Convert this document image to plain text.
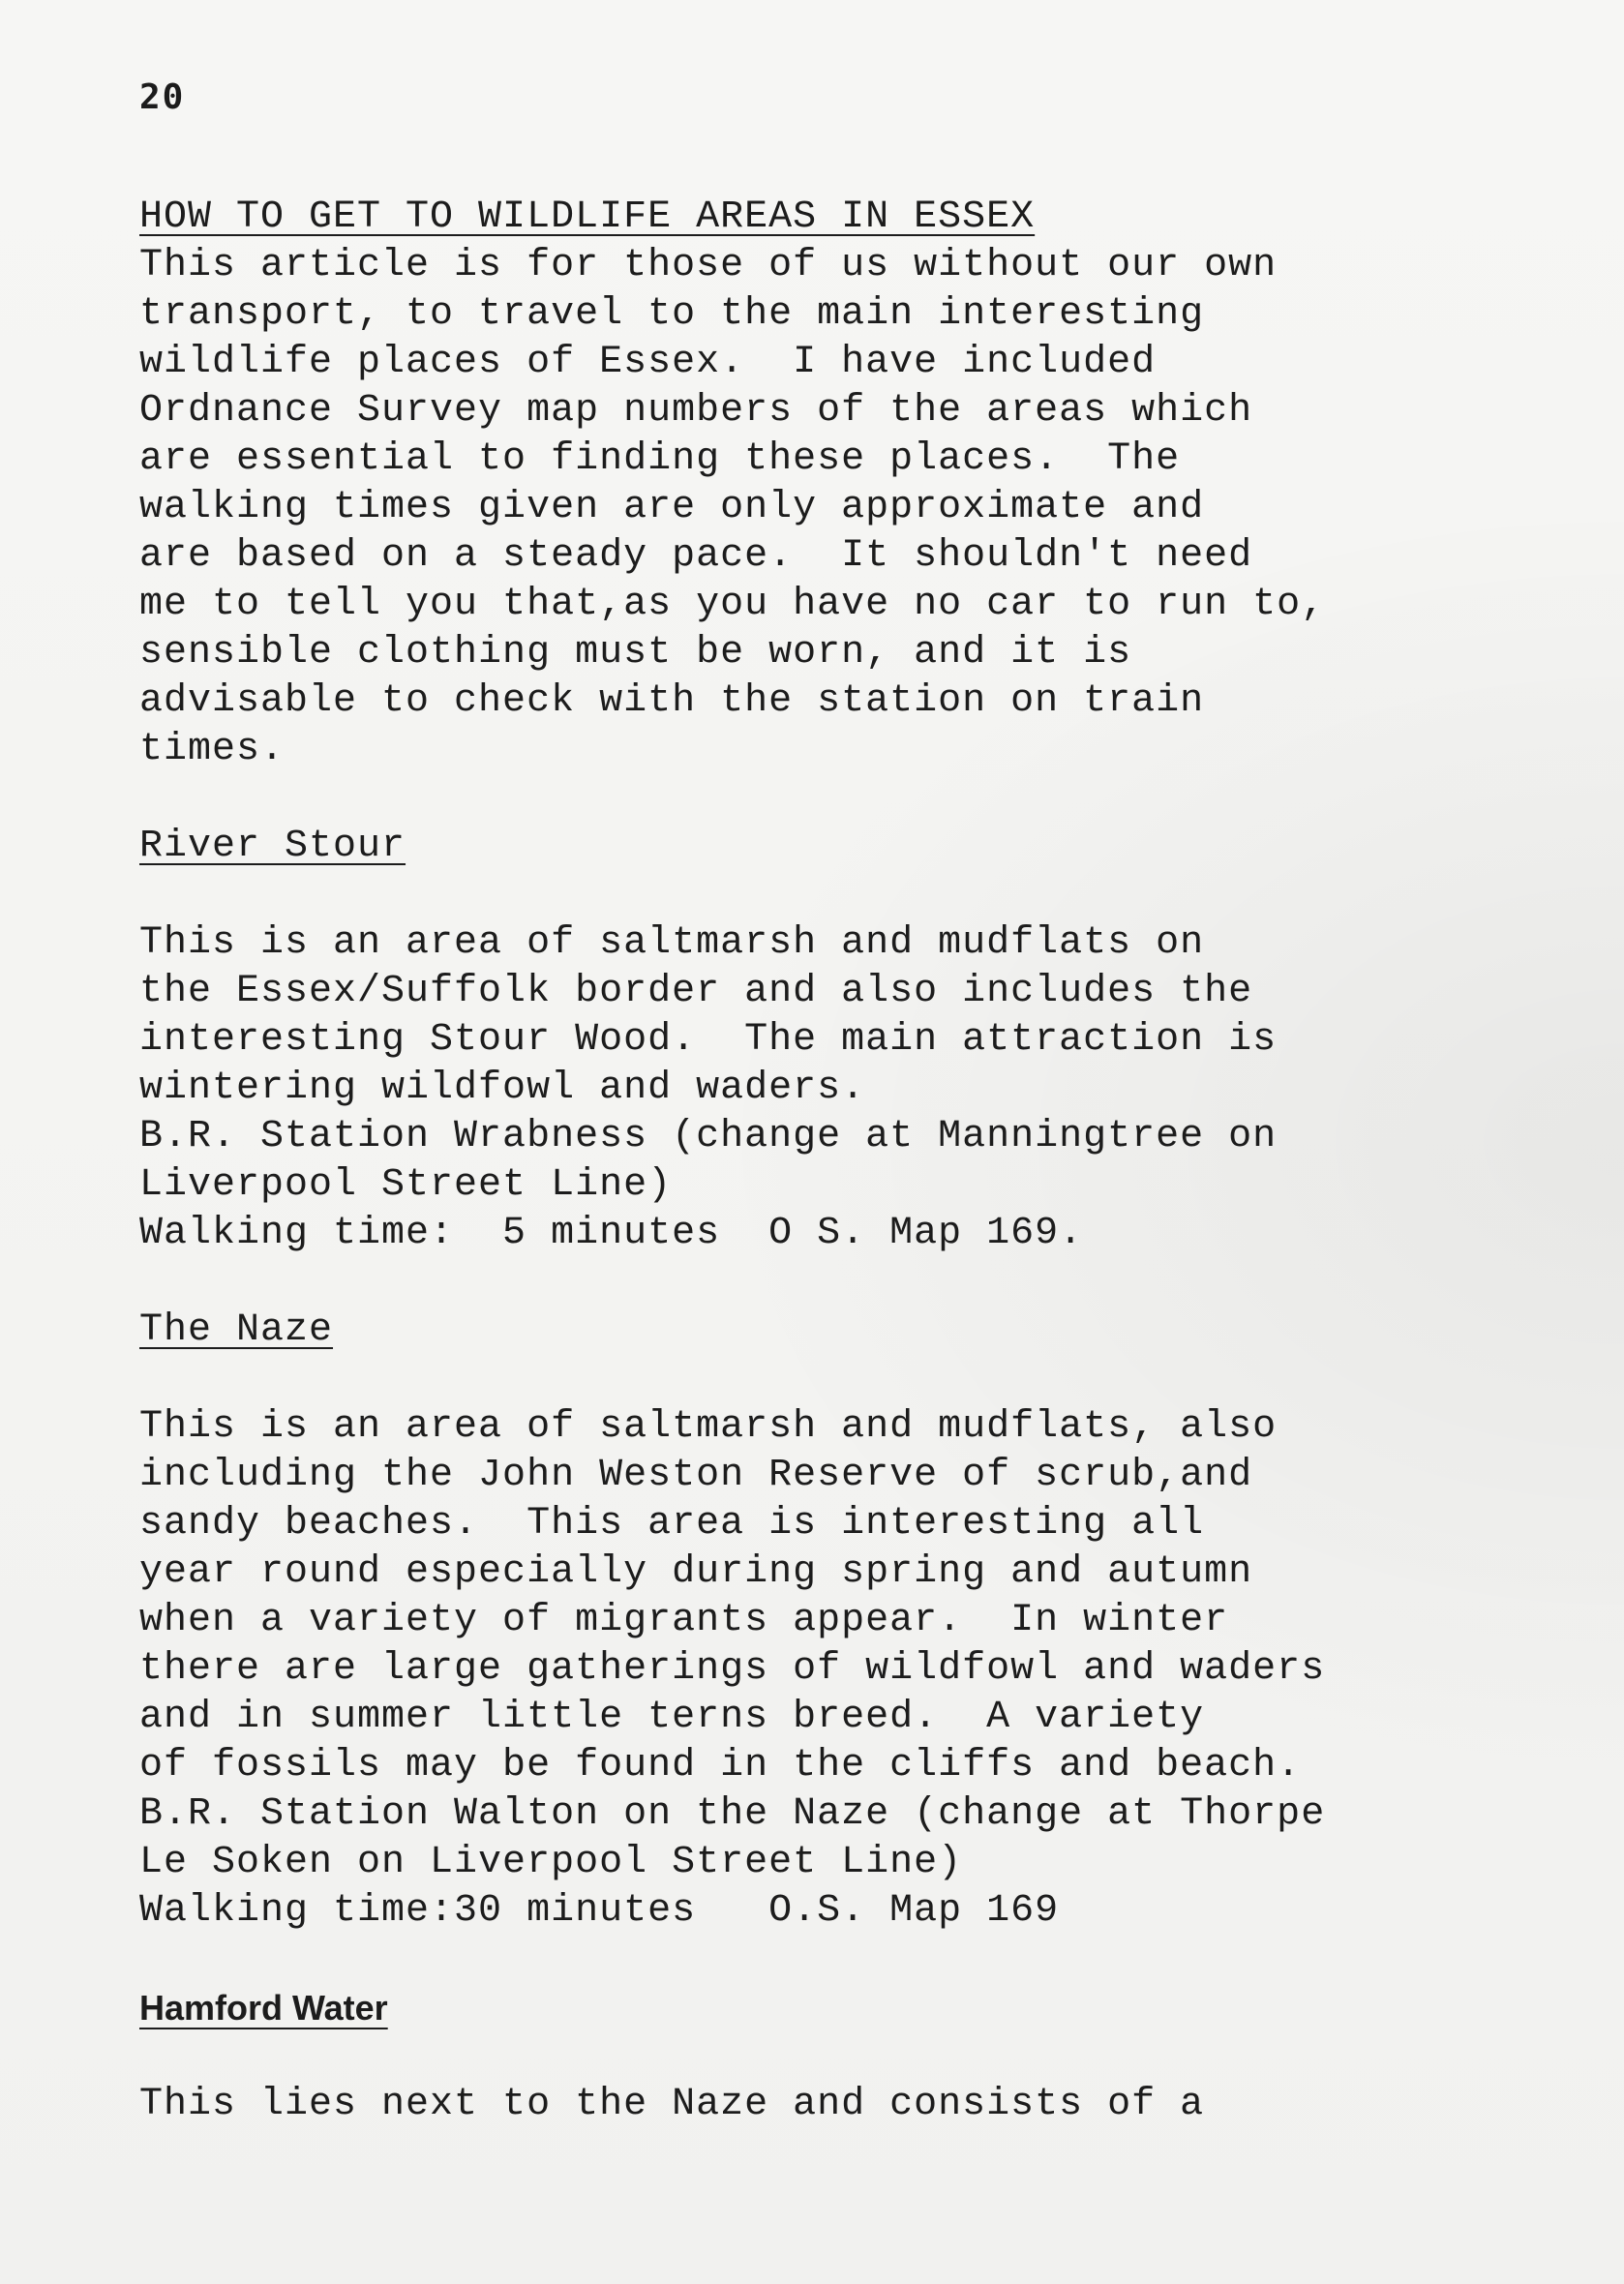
20
HOW TO GET TO WILDLIFE AREAS IN ESSEX
This article is for those of us without our own
transport, to travel to the main interesting
wildlife places of Essex.  I have included
Ordnance Survey map numbers of the areas which
are essential to finding these places.  The
walking times given are only approximate and
are based on a steady pace.  It shouldn't need
me to tell you that,as you have no car to run to,
sensible clothing must be worn, and it is
advisable to check with the station on train
times.
River Stour
This is an area of saltmarsh and mudflats on
the Essex/Suffolk border and also includes the
interesting Stour Wood.  The main attraction is
wintering wildfowl and waders.
B.R. Station Wrabness (change at Manningtree on
Liverpool Street Line)
Walking time:  5 minutes  O S. Map 169.
The Naze
This is an area of saltmarsh and mudflats, also
including the John Weston Reserve of scrub,and
sandy beaches.  This area is interesting all
year round especially during spring and autumn
when a variety of migrants appear.  In winter
there are large gatherings of wildfowl and waders
and in summer little terns breed.  A variety
of fossils may be found in the cliffs and beach.
B.R. Station Walton on the Naze (change at Thorpe
Le Soken on Liverpool Street Line)
Walking time:30 minutes   O.S. Map 169
Hamford Water
This lies next to the Naze and consists of a
